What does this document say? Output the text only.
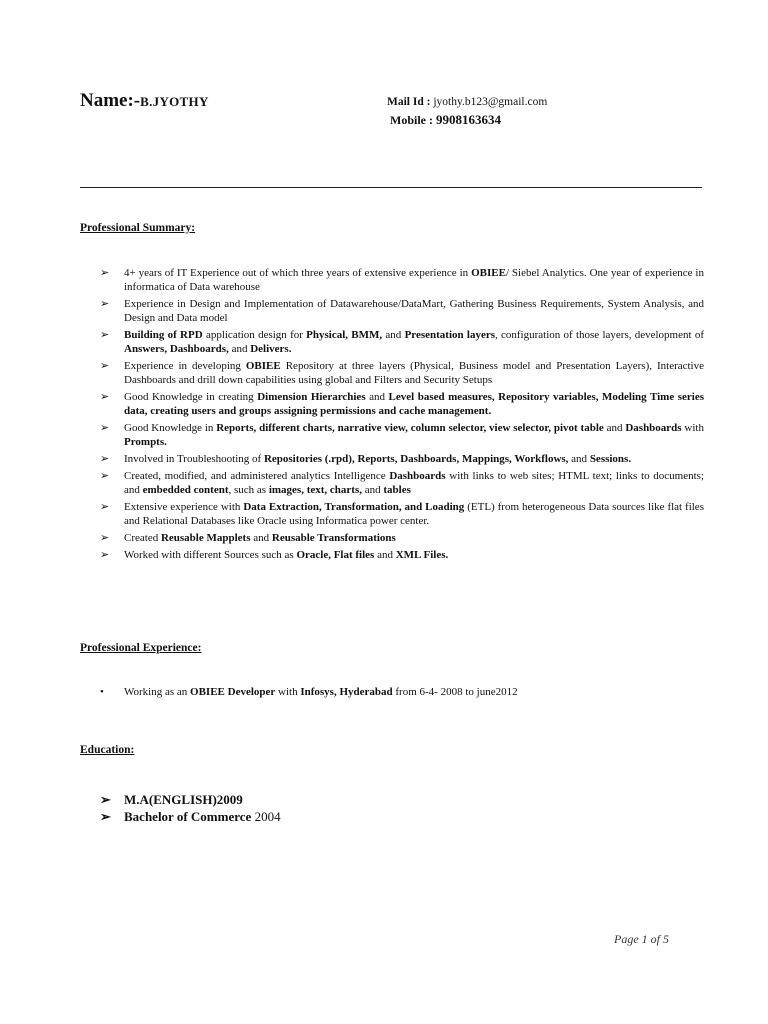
Name:-B.JYOTHY	Mail Id : jyothy.b123@gmail.com
Mobile : 9908163634
Professional Summary:
➢ 4+ years of IT Experience out of which three years of extensive experience in OBIEE/ Siebel Analytics. One year of experience in informatica of Data warehouse
➢ Experience in Design and Implementation of Datawarehouse/DataMart, Gathering Business Requirements, System Analysis, and Design and Data model
➢ Building of RPD application design for Physical, BMM, and Presentation layers, configuration of those layers, development of Answers, Dashboards, and Delivers.
➢ Experience in developing OBIEE Repository at three layers (Physical, Business model and Presentation Layers), Interactive Dashboards and drill down capabilities using global and Filters and Security Setups
➢ Good Knowledge in creating Dimension Hierarchies and Level based measures, Repository variables, Modeling Time series data, creating users and groups assigning permissions and cache management.
➢ Good Knowledge in Reports, different charts, narrative view, column selector, view selector, pivot table and Dashboards with Prompts.
➢ Involved in Troubleshooting of Repositories (.rpd), Reports, Dashboards, Mappings, Workflows, and Sessions.
➢ Created, modified, and administered analytics Intelligence Dashboards with links to web sites; HTML text; links to documents; and embedded content, such as images, text, charts, and tables
➢ Extensive experience with Data Extraction, Transformation, and Loading (ETL) from heterogeneous Data sources like flat files and Relational Databases like Oracle using Informatica power center.
➢ Created Reusable Mapplets and Reusable Transformations
➢ Worked with different Sources such as Oracle, Flat files and XML Files.
Professional Experience:
• Working as an OBIEE Developer with Infosys, Hyderabad from 6-4- 2008 to june2012
Education:
➢ M.A(ENGLISH)2009
➢ Bachelor of Commerce 2004
Page 1 of 5
